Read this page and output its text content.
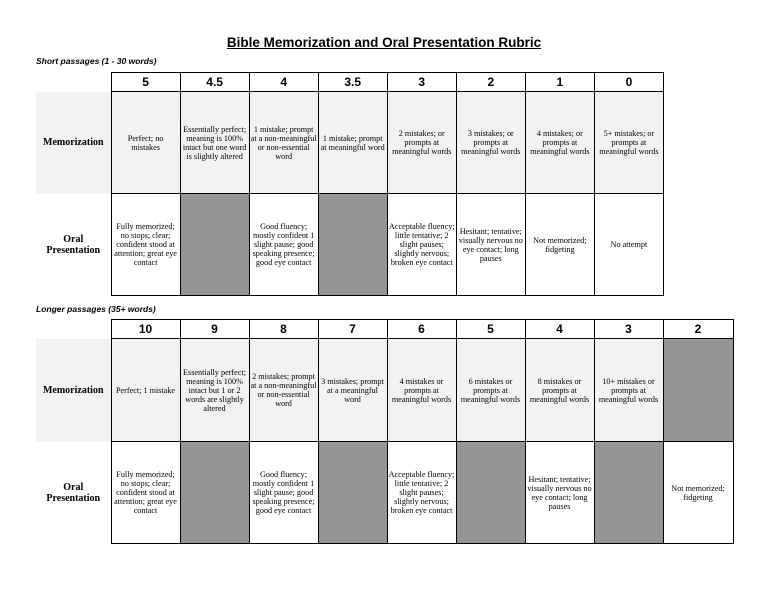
Bible Memorization and Oral Presentation Rubric
Short passages (1 - 30 words)
	5	4.5	4	3.5	3	2	1	0
Memorization	Perfect; no mistakes	Essentially perfect; meaning is 100% intact but one word is slightly altered	1 mistake; prompt at a non-meaningful or non-essential word	1 mistake; prompt at meaningful word	2 mistakes; or prompts at meaningful words	3 mistakes; or prompts at meaningful words	4 mistakes; or prompts at meaningful words	5+ mistakes; or prompts at meaningful words
Oral Presentation	Fully memorized; no stops; clear; confident stood at attention; great eye contact		Good fluency; mostly confident 1 slight pause; good speaking presence; good eye contact		Acceptable fluency; little tentative; 2 slight pauses; slightly nervous; broken eye contact	Hesitant; tentative; visually nervous no eye contact; long pauses	Not memorized; fidgeting	No attempt
Longer passages (35+ words)
	10	9	8	7	6	5	4	3	2
Memorization	Perfect; 1 mistake	Essentially perfect; meaning is 100% intact but 1 or 2 words are slightly altered	2 mistakes; prompt at a non-meaningful or non-essential word	3 mistakes; prompt at a meaningful word	4 mistakes or prompts at meaningful words	6 mistakes or prompts at meaningful words	8 mistakes or prompts at meaningful words	10+ mistakes or prompts at meaningful words	
Oral Presentation	Fully memorized; no stops; clear; confident stood at attention; great eye contact		Good fluency; mostly confident 1 slight pause; good speaking presence; good eye contact		Acceptable fluency; little tentative; 2 slight pauses; slightly nervous; broken eye contact		Hesitant; tentative; visually nervous no eye contact; long pauses		Not memorized; fidgeting
